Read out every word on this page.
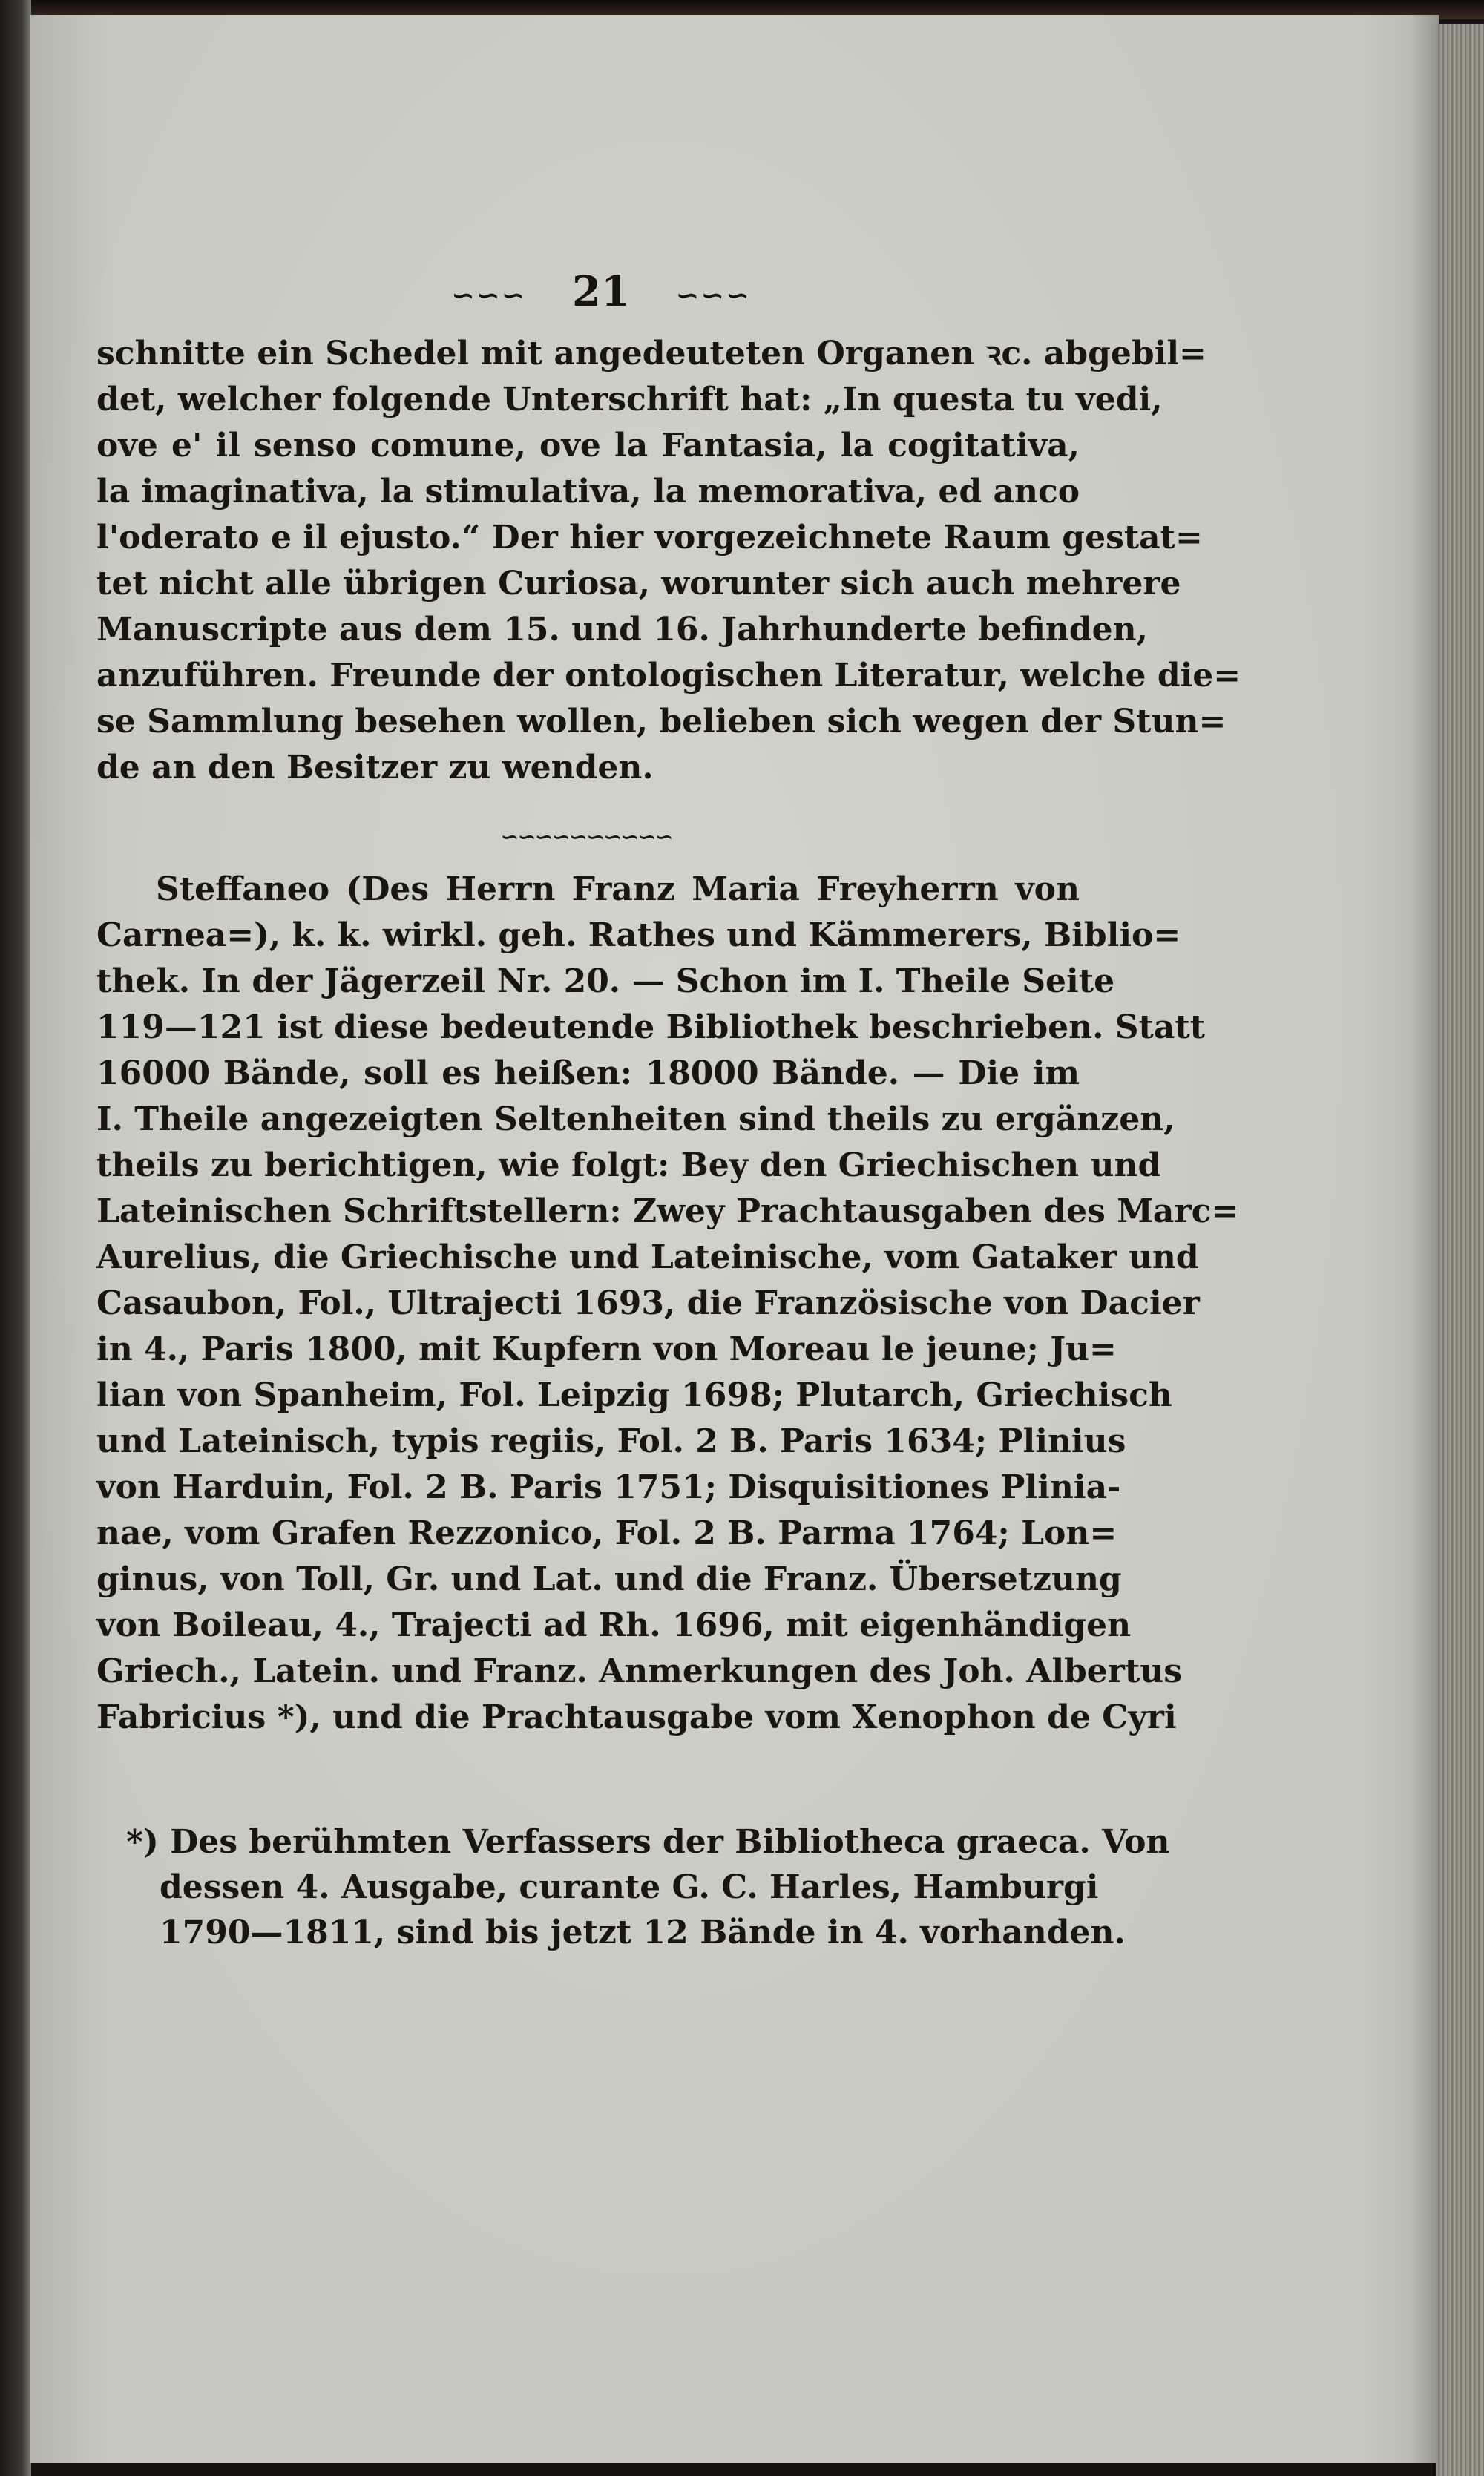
∽∽∽ 21 ∽∽∽
schnitte ein Schedel mit angedeuteten Organen ꝛc. abgebil=
det, welcher folgende Unterschrift hat: „In questa tu vedi,
ove e' il senso comune, ove la Fantasia, la cogitativa,
la imaginativa, la stimulativa, la memorativa, ed anco
l'oderato e il ejusto.“ Der hier vorgezeichnete Raum gestat=
tet nicht alle übrigen Curiosa, worunter sich auch mehrere
Manuscripte aus dem 15. und 16. Jahrhunderte befinden,
anzuführen. Freunde der ontologischen Literatur, welche die=
se Sammlung besehen wollen, belieben sich wegen der Stun=
de an den Besitzer zu wenden.
∽∽∽∽∽∽∽∽∽∽
Steffaneo (Des Herrn Franz Maria Freyherrn von
Carnea=), k. k. wirkl. geh. Rathes und Kämmerers, Biblio=
thek. In der Jägerzeil Nr. 20. — Schon im I. Theile Seite
119—121 ist diese bedeutende Bibliothek beschrieben. Statt
16000 Bände, soll es heißen: 18000 Bände. — Die im
I. Theile angezeigten Seltenheiten sind theils zu ergänzen,
theils zu berichtigen, wie folgt: Bey den Griechischen und
Lateinischen Schriftstellern: Zwey Prachtausgaben des Marc=
Aurelius, die Griechische und Lateinische, vom Gataker und
Casaubon, Fol., Ultrajecti 1693, die Französische von Dacier
in 4., Paris 1800, mit Kupfern von Moreau le jeune; Ju=
lian von Spanheim, Fol. Leipzig 1698; Plutarch, Griechisch
und Lateinisch, typis regiis, Fol. 2 B. Paris 1634; Plinius
von Harduin, Fol. 2 B. Paris 1751; Disquisitiones Plinia-
nae, vom Grafen Rezzonico, Fol. 2 B. Parma 1764; Lon=
ginus, von Toll, Gr. und Lat. und die Franz. Übersetzung
von Boileau, 4., Trajecti ad Rh. 1696, mit eigenhändigen
Griech., Latein. und Franz. Anmerkungen des Joh. Albertus
Fabricius *), und die Prachtausgabe vom Xenophon de Cyri
*) Des berühmten Verfassers der Bibliotheca graeca. Von
dessen 4. Ausgabe, curante G. C. Harles, Hamburgi
1790—1811, sind bis jetzt 12 Bände in 4. vorhanden.
